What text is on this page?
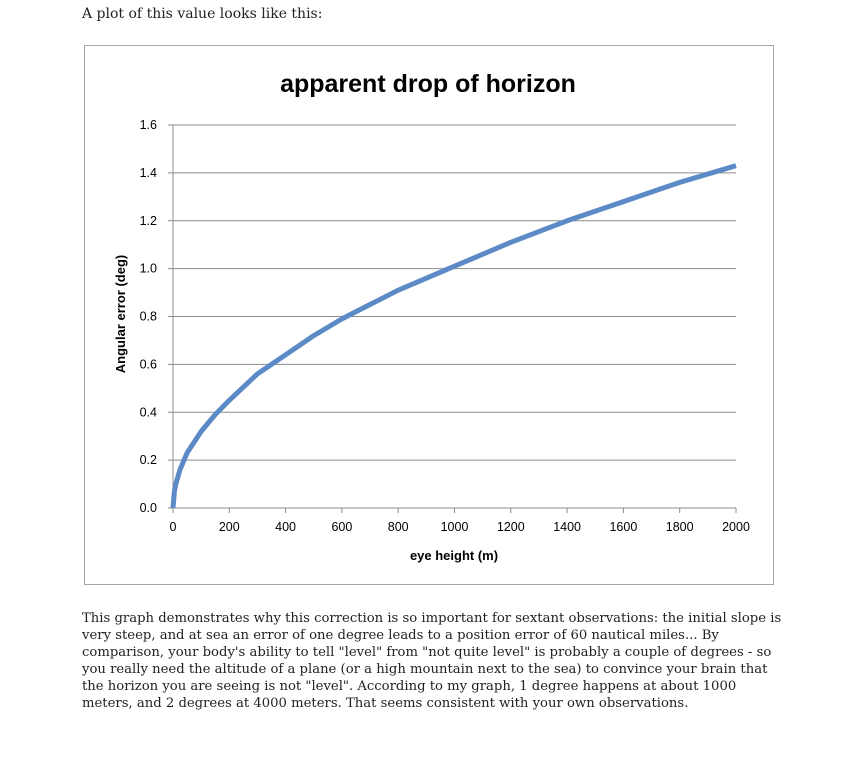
A plot of this value looks like this:
apparent drop of horizon
0.0
0.2
0.4
0.6
0.8
1.0
1.2
1.4
1.6
0	200	400	600	800	1000 1200 1400 1600 1800 2000
eye height (m)
Angular error (deg)
This graph demonstrates why this correction is so important for sextant observations: the initial slope is very steep, and at sea an error of one degree leads to a position error of 60 nautical miles... By comparison, your body's ability to tell "level" from "not quite level" is probably a couple of degrees - so you really need the altitude of a plane (or a high mountain next to the sea) to convince your brain that the horizon you are seeing is not "level". According to my graph, 1 degree happens at about 1000 meters, and 2 degrees at 4000 meters. That seems consistent with your own observations.
